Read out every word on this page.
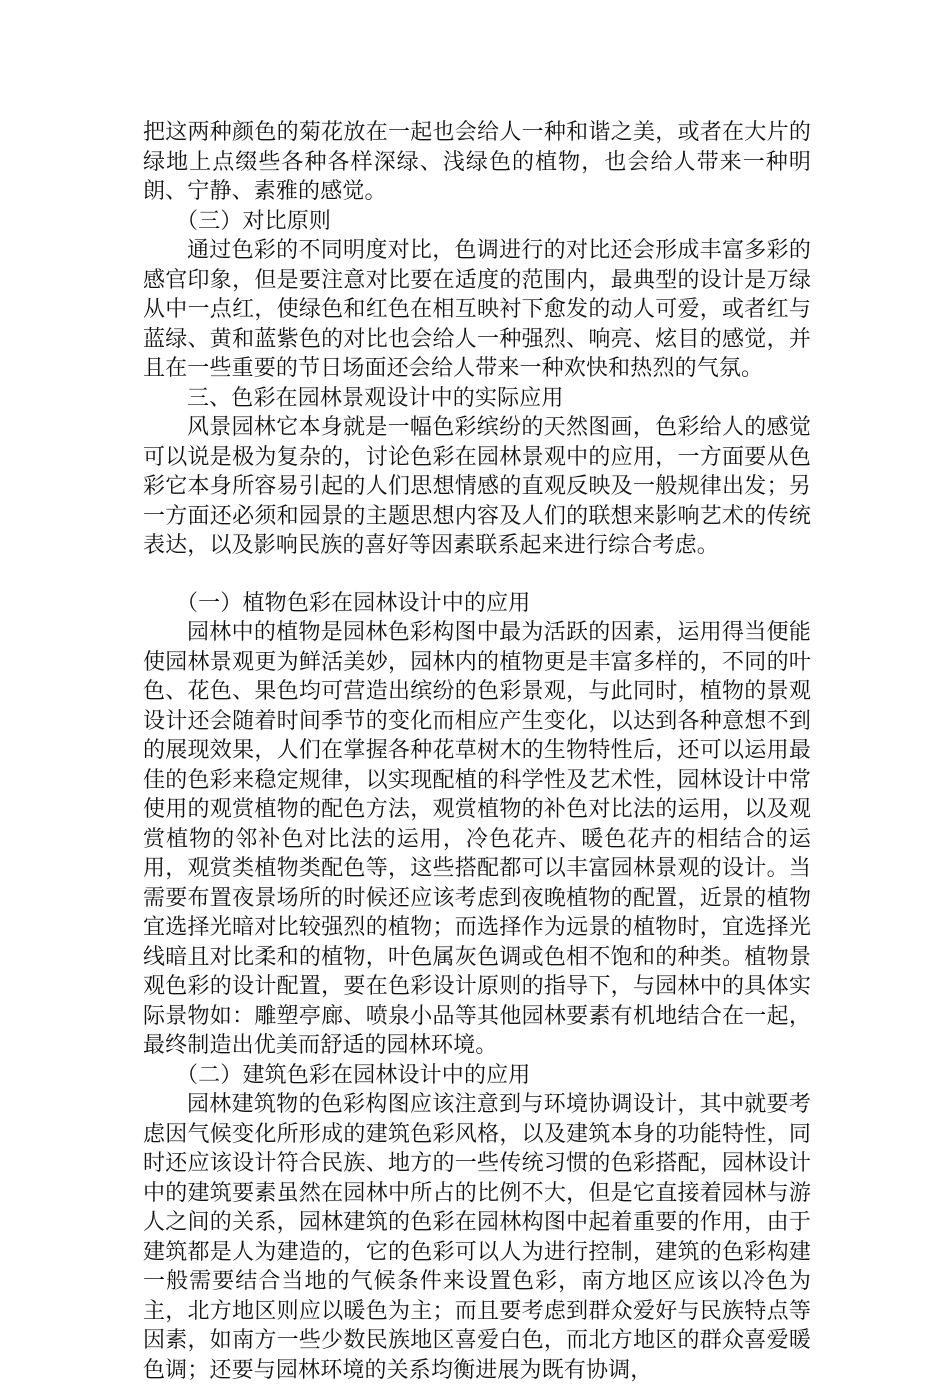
把这两种颜色的菊花放在一起也会给人一种和谐之美，或者在大片的绿地上点缀些各种各样深绿、浅绿色的植物，也会给人带来一种明朗、宁静、素雅的感觉。

（三）对比原则

通过色彩的不同明度对比，色调进行的对比还会形成丰富多彩的感官印象，但是要注意对比要在适度的范围内，最典型的设计是万绿从中一点红，使绿色和红色在相互映衬下愈发的动人可爱，或者红与蓝绿、黄和蓝紫色的对比也会给人一种强烈、响亮、炫目的感觉，并且在一些重要的节日场面还会给人带来一种欢快和热烈的气氛。

三、色彩在园林景观设计中的实际应用

风景园林它本身就是一幅色彩缤纷的天然图画，色彩给人的感觉可以说是极为复杂的，讨论色彩在园林景观中的应用，一方面要从色彩它本身所容易引起的人们思想情感的直观反映及一般规律出发；另一方面还必须和园景的主题思想内容及人们的联想来影响艺术的传统表达，以及影响民族的喜好等因素联系起来进行综合考虑。

（一）植物色彩在园林设计中的应用

园林中的植物是园林色彩构图中最为活跃的因素，运用得当便能使园林景观更为鲜活美妙，园林内的植物更是丰富多样的，不同的叶色、花色、果色均可营造出缤纷的色彩景观，与此同时，植物的景观设计还会随着时间季节的变化而相应产生变化，以达到各种意想不到的展现效果，人们在掌握各种花草树木的生物特性后，还可以运用最佳的色彩来稳定规律，以实现配植的科学性及艺术性，园林设计中常使用的观赏植物的配色方法，观赏植物的补色对比法的运用，以及观赏植物的邻补色对比法的运用，冷色花卉、暖色花卉的相结合的运用，观赏类植物类配色等，这些搭配都可以丰富园林景观的设计。当需要布置夜景场所的时候还应该考虑到夜晚植物的配置，近景的植物宜选择光暗对比较强烈的植物；而选择作为远景的植物时，宜选择光线暗且对比柔和的植物，叶色属灰色调或色相不饱和的种类。植物景观色彩的设计配置，要在色彩设计原则的指导下，与园林中的具体实际景物如：雕塑亭廊、喷泉小品等其他园林要素有机地结合在一起，最终制造出优美而舒适的园林环境。

（二）建筑色彩在园林设计中的应用

园林建筑物的色彩构图应该注意到与环境协调设计，其中就要考虑因气候变化所形成的建筑色彩风格，以及建筑本身的功能特性，同时还应该设计符合民族、地方的一些传统习惯的色彩搭配，园林设计中的建筑要素虽然在园林中所占的比例不大，但是它直接着园林与游人之间的关系，园林建筑的色彩在园林构图中起着重要的作用，由于建筑都是人为建造的，它的色彩可以人为进行控制，建筑的色彩构建一般需要结合当地的气候条件来设置色彩，南方地区应该以冷色为主，北方地区则应以暖色为主；而且要考虑到群众爱好与民族特点等因素，如南方一些少数民族地区喜爱白色，而北方地区的群众喜爱暖色调；还要与园林环境的关系均衡进展为既有协调，
